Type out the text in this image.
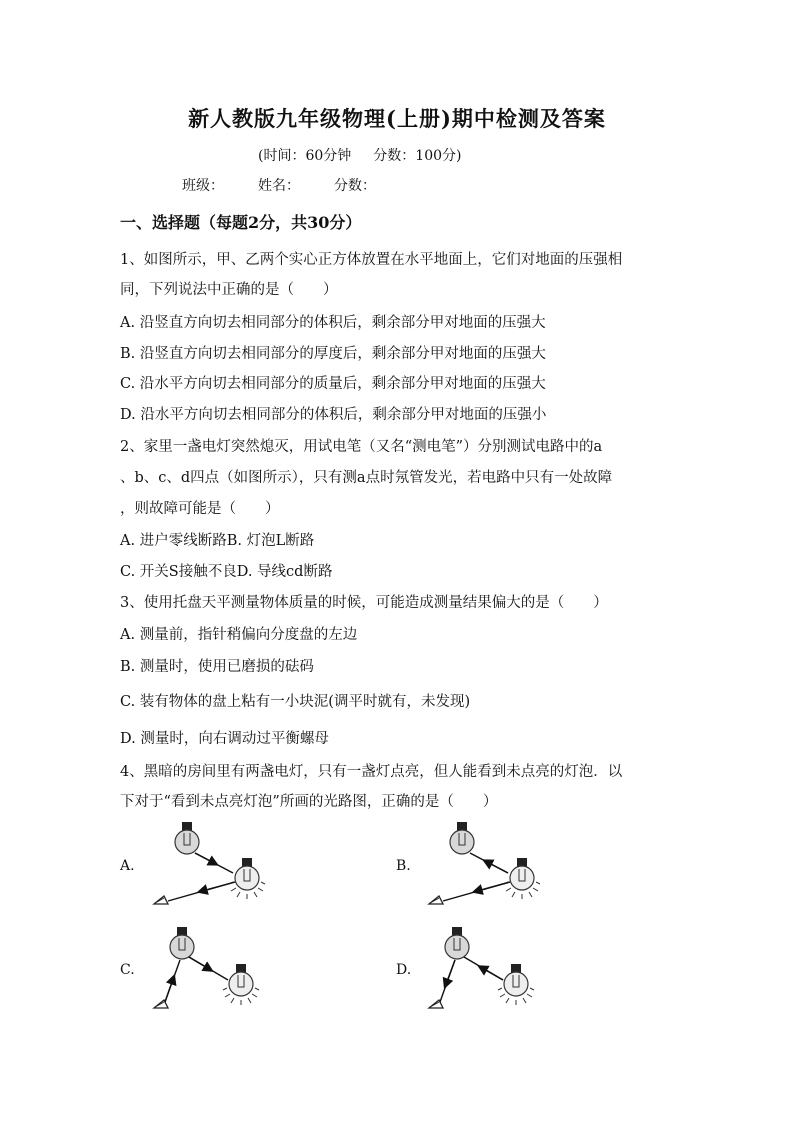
新人教版九年级物理(上册)期中检测及答案
(时间：60分钟 分数：100分)
班级： 姓名： 分数：
一、选择题（每题2分，共30分）
1、如图所示，甲、乙两个实心正方体放置在水平地面上，它们对地面的压强相
同，下列说法中正确的是（　　）
A. 沿竖直方向切去相同部分的体积后，剩余部分甲对地面的压强大
B. 沿竖直方向切去相同部分的厚度后，剩余部分甲对地面的压强大
C. 沿水平方向切去相同部分的质量后，剩余部分甲对地面的压强大
D. 沿水平方向切去相同部分的体积后，剩余部分甲对地面的压强小
2、家里一盏电灯突然熄灭，用试电笔（又名“测电笔”）分别测试电路中的a
、b、c、d四点（如图所示），只有测a点时氖管发光，若电路中只有一处故障
，则故障可能是（　　）
A. 进户零线断路B. 灯泡L断路
C. 开关S接触不良D. 导线cd断路
3、使用托盘天平测量物体质量的时候，可能造成测量结果偏大的是（　　）
A. 测量前，指针稍偏向分度盘的左边
B. 测量时，使用已磨损的砝码
C. 装有物体的盘上粘有一小块泥(调平时就有，未发现)
D. 测量时，向右调动过平衡螺母
4、黑暗的房间里有两盏电灯，只有一盏灯点亮，但人能看到未点亮的灯泡．以
下对于“看到未点亮灯泡”所画的光路图，正确的是（　　）
A.	B.
C.	D.
